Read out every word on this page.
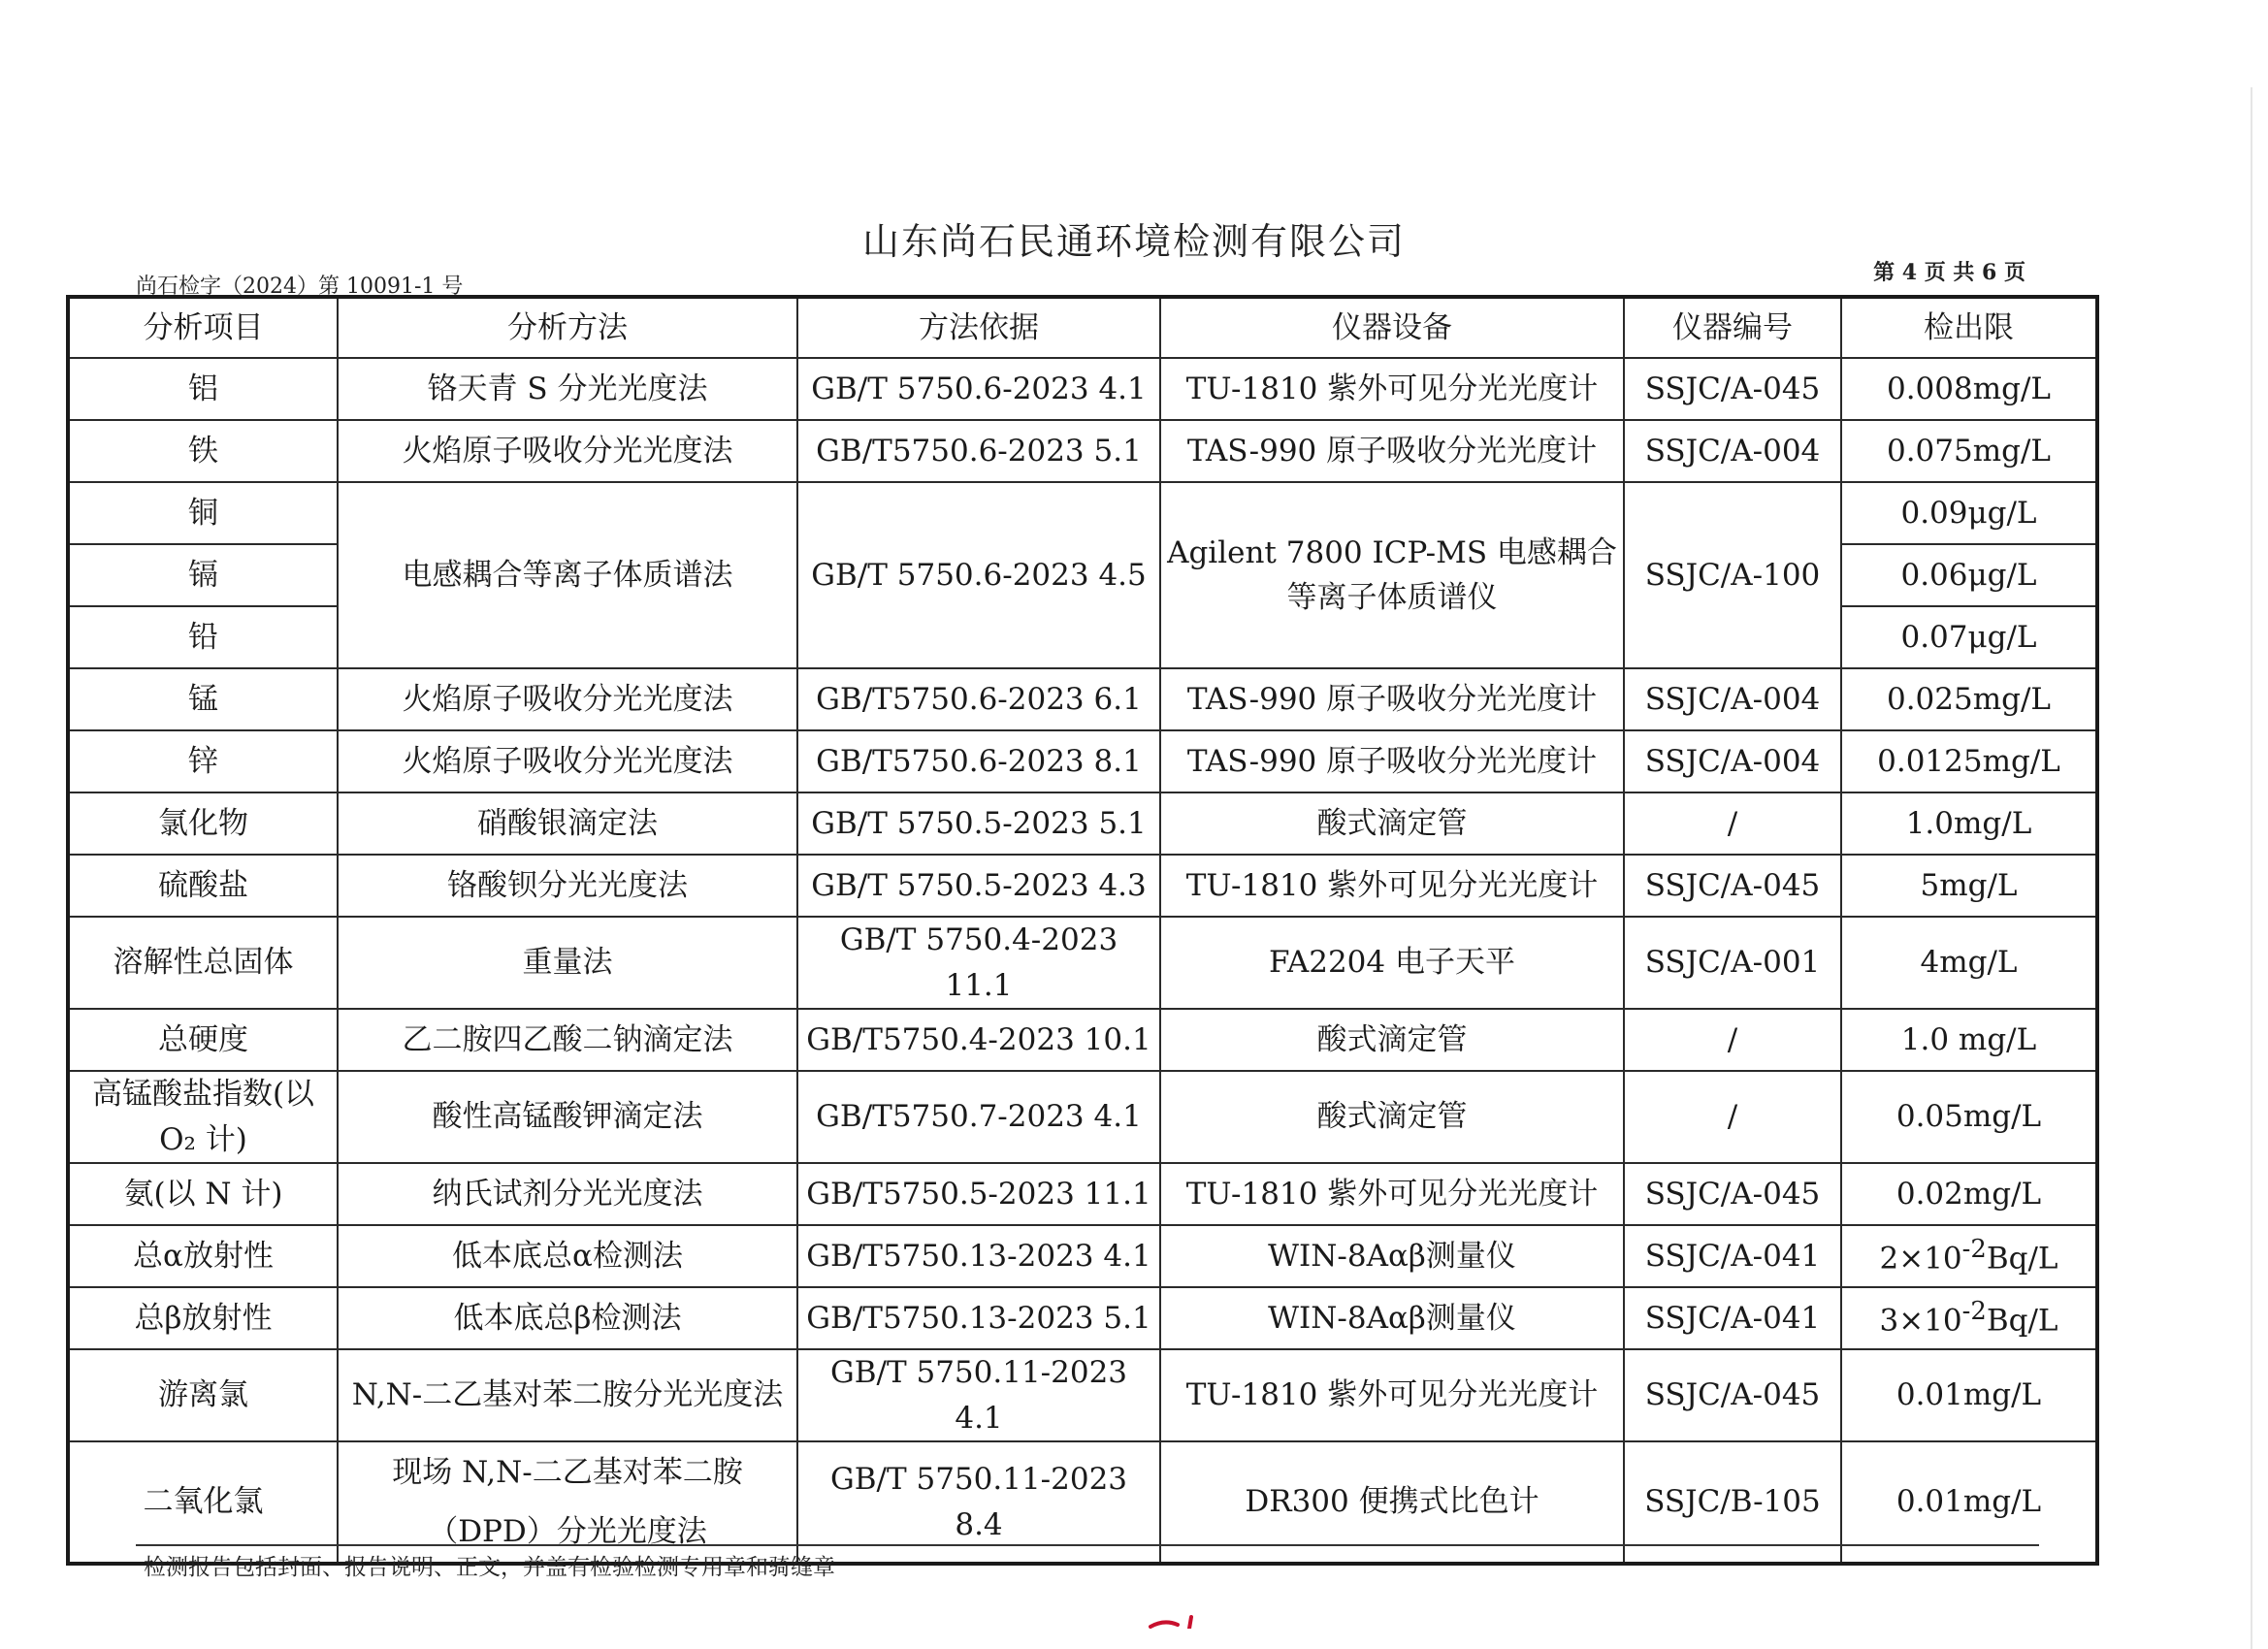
山东尚石民通环境检测有限公司
尚石检字（2024）第 10091-1 号
第 4 页 共 6 页
分析项目	分析方法	方法依据	仪器设备	仪器编号	检出限
铝	铬天青 S 分光光度法	GB/T 5750.6-2023 4.1	TU-1810 紫外可见分光光度计	SSJC/A-045	0.008mg/L
铁	火焰原子吸收分光光度法	GB/T5750.6-2023 5.1	TAS-990 原子吸收分光光度计	SSJC/A-004	0.075mg/L
铜	电感耦合等离子体质谱法	GB/T 5750.6-2023 4.5	Agilent 7800 ICP-MS 电感耦合等离子体质谱仪	SSJC/A-100	0.09μg/L
镉					0.06μg/L
铅					0.07μg/L
锰	火焰原子吸收分光光度法	GB/T5750.6-2023 6.1	TAS-990 原子吸收分光光度计	SSJC/A-004	0.025mg/L
锌	火焰原子吸收分光光度法	GB/T5750.6-2023 8.1	TAS-990 原子吸收分光光度计	SSJC/A-004	0.0125mg/L
氯化物	硝酸银滴定法	GB/T 5750.5-2023 5.1	酸式滴定管	/	1.0mg/L
硫酸盐	铬酸钡分光光度法	GB/T 5750.5-2023 4.3	TU-1810 紫外可见分光光度计	SSJC/A-045	5mg/L
溶解性总固体	重量法	GB/T 5750.4-2023 11.1	FA2204 电子天平	SSJC/A-001	4mg/L
总硬度	乙二胺四乙酸二钠滴定法	GB/T5750.4-2023 10.1	酸式滴定管	/	1.0 mg/L

高锰酸盐指数(以
O₂ 计)	酸性高锰酸钾滴定法	GB/T5750.7-2023 4.1	酸式滴定管	/	0.05mg/L
氨(以 N 计)	纳氏试剂分光光度法	GB/T5750.5-2023 11.1	TU-1810 紫外可见分光光度计	SSJC/A-045	0.02mg/L
总α放射性	低本底总α检测法	GB/T5750.13-2023 4.1	WIN-8Aαβ测量仪	SSJC/A-041	$2\times 10^{-2}Bq/L$
总β放射性	低本底总β检测法	GB/T5750.13-2023 5.1	WIN-8Aαβ测量仪	SSJC/A-041	$3\times 10^{-2}Bq/L$
游离氯	N,N-二乙基对苯二胺分光光度法	GB/T 5750.11-2023 4.1	TU-1810 紫外可见分光光度计	SSJC/A-045	0.01mg/L
二氧化氯	现场 N,N-二乙基对苯二胺
（DPD）分光光度法	GB/T 5750.11-2023 8.4	DR300 便携式比色计	SSJC/B-105	0.01mg/L
检测报告包括封面、报告说明、正文，并盖有检验检测专用章和骑缝章
